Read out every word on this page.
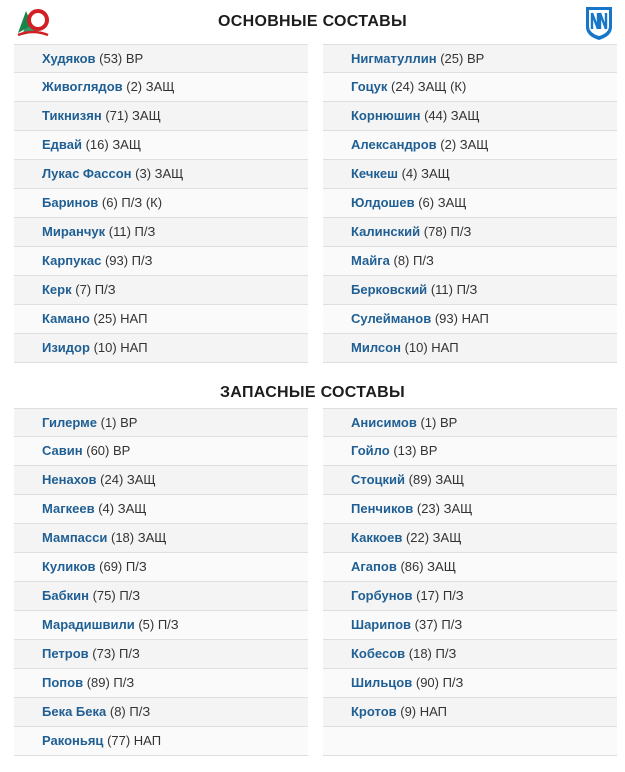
ОСНОВНЫЕ СОСТАВЫ
Худяков (53) ВР
Живоглядов (2) ЗАЩ
Тикнизян (71) ЗАЩ
Едвай (16) ЗАЩ
Лукас Фассон (3) ЗАЩ
Баринов (6) П/З (К)
Миранчук (11) П/З
Карпукас (93) П/З
Керк (7) П/З
Камано (25) НАП
Изидор (10) НАП
Нигматуллин (25) ВР
Гоцук (24) ЗАЩ (К)
Корнюшин (44) ЗАЩ
Александров (2) ЗАЩ
Кечкеш (4) ЗАЩ
Юлдошев (6) ЗАЩ
Калинский (78) П/З
Майга (8) П/З
Берковский (11) П/З
Сулейманов (93) НАП
Милсон (10) НАП
ЗАПАСНЫЕ СОСТАВЫ
Гилерме (1) ВР
Савин (60) ВР
Ненахов (24) ЗАЩ
Магкеев (4) ЗАЩ
Мампасси (18) ЗАЩ
Куликов (69) П/З
Бабкин (75) П/З
Марадишвили (5) П/З
Петров (73) П/З
Попов (89) П/З
Бека Бека (8) П/З
Раконьяц (77) НАП
Анисимов (1) ВР
Гойло (13) ВР
Стоцкий (89) ЗАЩ
Пенчиков (23) ЗАЩ
Каккоев (22) ЗАЩ
Агапов (86) ЗАЩ
Горбунов (17) П/З
Шарипов (37) П/З
Кобесов (18) П/З
Шильцов (90) П/З
Кротов (9) НАП
